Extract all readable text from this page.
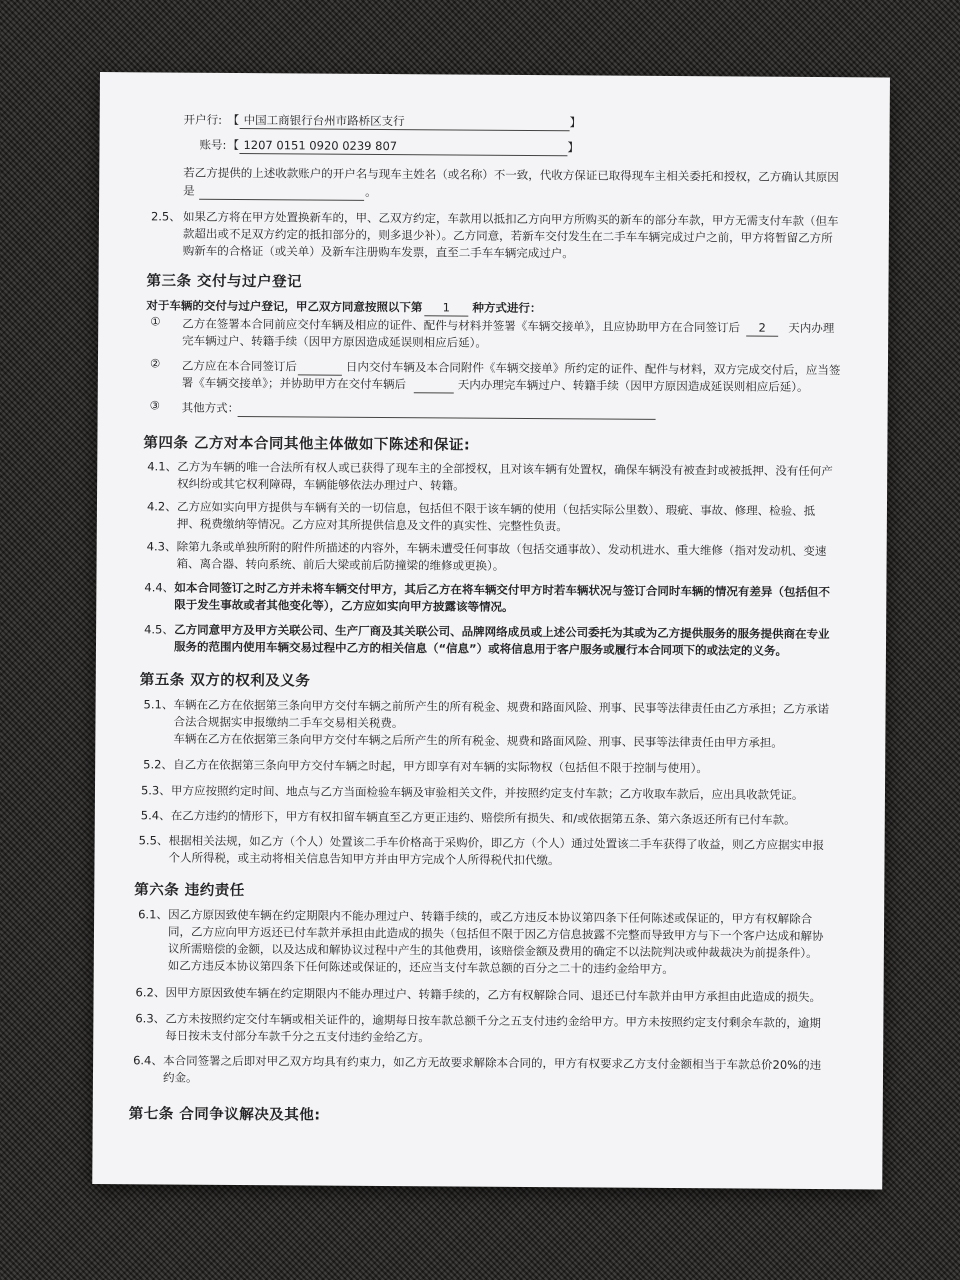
开户行: 【 中国工商银行台州市路桥区支行	】
账号: 【 1207 0151 0920 0239 807	】
若乙方提供的上述收款账户的开户名与现车主姓名（或名称）不一致，代收方保证已取得现车主相关委托和授权，乙方确认其原因
是	。
2.5、 如果乙方将在甲方处置换新车的，甲、乙双方约定，车款用以抵扣乙方向甲方所购买的新车的部分车款，甲方无需支付车款（但车
款超出或不足双方约定的抵扣部分的，则多退少补）。乙方同意，若新车交付发生在二手车车辆完成过户之前，甲方将暂留乙方所
购新车的合格证（或关单）及新车注册购车发票，直至二手车车辆完成过户。
第三条 交付与过户登记
对于车辆的交付与过户登记，甲乙双方同意按照以下第	1	种方式进行：
① 乙方在签署本合同前应交付车辆及相应的证件、配件与材料并签署《车辆交接单》，且应协助甲方在合同签订后	2	天内办理
完车辆过户、转籍手续（因甲方原因造成延误则相应后延）。
② 乙方应在本合同签订后	日内交付车辆及本合同附件《车辆交接单》所约定的证件、配件与材料，双方完成交付后，应当签
署《车辆交接单》；并协助甲方在交付车辆后	天内办理完车辆过户、转籍手续（因甲方原因造成延误则相应后延）。
③ 其他方式：
第四条 乙方对本合同其他主体做如下陈述和保证:
4.1、 乙方为车辆的唯一合法所有权人或已获得了现车主的全部授权，且对该车辆有处置权，确保车辆没有被查封或被抵押、没有任何产
权纠纷或其它权利障碍，车辆能够依法办理过户、转籍。
4.2、 乙方应如实向甲方提供与车辆有关的一切信息，包括但不限于该车辆的使用（包括实际公里数）、瑕疵、事故、修理、检验、抵
押、税费缴纳等情况。乙方应对其所提供信息及文件的真实性、完整性负责。
4.3、 除第九条或单独所附的附件所描述的内容外，车辆未遭受任何事故（包括交通事故）、发动机进水、重大维修（指对发动机、变速
箱、离合器、转向系统、前后大梁或前后防撞梁的维修或更换）。
4.4、 如本合同签订之时乙方并未将车辆交付甲方，其后乙方在将车辆交付甲方时若车辆状况与签订合同时车辆的情况有差异（包括但不
限于发生事故或者其他变化等），乙方应如实向甲方披露该等情况。
4.5、 乙方同意甲方及甲方关联公司、生产厂商及其关联公司、品牌网络成员或上述公司委托为其或为乙方提供服务的服务提供商在专业
服务的范围内使用车辆交易过程中乙方的相关信息（“信息”）或将信息用于客户服务或履行本合同项下的或法定的义务。
第五条 双方的权利及义务
5.1、 车辆在乙方在依据第三条向甲方交付车辆之前所产生的所有税金、规费和路面风险、刑事、民事等法律责任由乙方承担；乙方承诺
合法合规据实申报缴纳二手车交易相关税费。
车辆在乙方在依据第三条向甲方交付车辆之后所产生的所有税金、规费和路面风险、刑事、民事等法律责任由甲方承担。
5.2、 自乙方在依据第三条向甲方交付车辆之时起，甲方即享有对车辆的实际物权（包括但不限于控制与使用）。
5.3、 甲方应按照约定时间、地点与乙方当面检验车辆及审验相关文件，并按照约定支付车款；乙方收取车款后，应出具收款凭证。
5.4、 在乙方违约的情形下，甲方有权扣留车辆直至乙方更正违约、赔偿所有损失、和/或依据第五条、第六条返还所有已付车款。
5.5、 根据相关法规，如乙方（个人）处置该二手车价格高于采购价，即乙方（个人）通过处置该二手车获得了收益，则乙方应据实申报
个人所得税，或主动将相关信息告知甲方并由甲方完成个人所得税代扣代缴。
第六条 违约责任
6.1、 因乙方原因致使车辆在约定期限内不能办理过户、转籍手续的，或乙方违反本协议第四条下任何陈述或保证的，甲方有权解除合
同，乙方应向甲方返还已付车款并承担由此造成的损失（包括但不限于因乙方信息披露不完整而导致甲方与下一个客户达成和解协
议所需赔偿的金额，以及达成和解协议过程中产生的其他费用，该赔偿金额及费用的确定不以法院判决或仲裁裁决为前提条件）。
如乙方违反本协议第四条下任何陈述或保证的，还应当支付车款总额的百分之二十的违约金给甲方。
6.2、 因甲方原因致使车辆在约定期限内不能办理过户、转籍手续的，乙方有权解除合同、退还已付车款并由甲方承担由此造成的损失。
6.3、 乙方未按照约定交付车辆或相关证件的，逾期每日按车款总额千分之五支付违约金给甲方。甲方未按照约定支付剩余车款的，逾期
每日按未支付部分车款千分之五支付违约金给乙方。
6.4、 本合同签署之后即对甲乙双方均具有约束力，如乙方无故要求解除本合同的，甲方有权要求乙方支付金额相当于车款总价20%的违
约金。
第七条 合同争议解决及其他:
